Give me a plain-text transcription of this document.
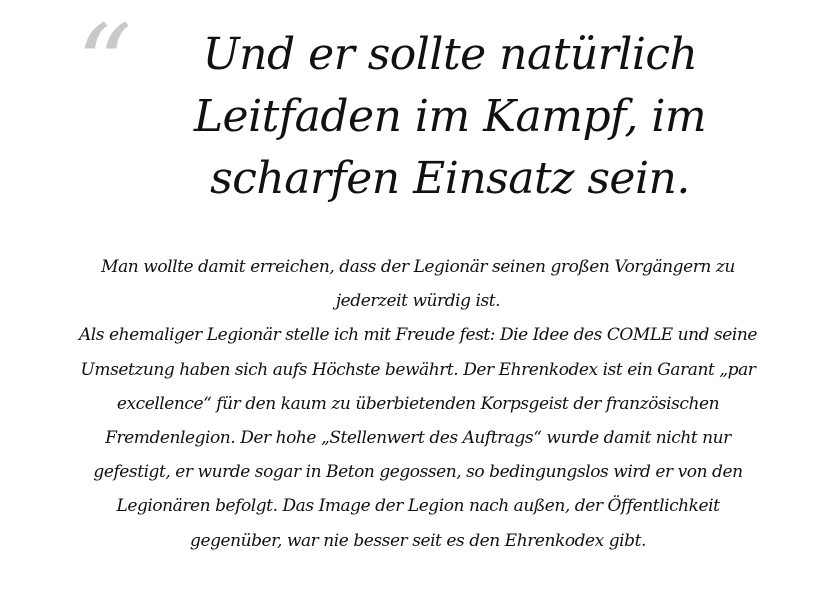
“	Und er sollte natürlich Leitfaden im Kampf, im scharfen Einsatz sein.

Man wollte damit erreichen, dass der Legionär seinen großen Vorgängern zu jederzeit würdig ist.

Als ehemaliger Legionär stelle ich mit Freude fest: Die Idee des COMLE und seine Umsetzung haben sich aufs Höchste bewährt. Der Ehrenkodex ist ein Garant „par excellence“ für den kaum zu überbietenden Korpsgeist der französischen Fremdenlegion. Der hohe „Stellenwert des Auftrags“ wurde damit nicht nur gefestigt, er wurde sogar in Beton gegossen, so bedingungslos wird er von den Legionären befolgt. Das Image der Legion nach außen, der Öffentlichkeit gegenüber, war nie besser seit es den Ehrenkodex gibt.
